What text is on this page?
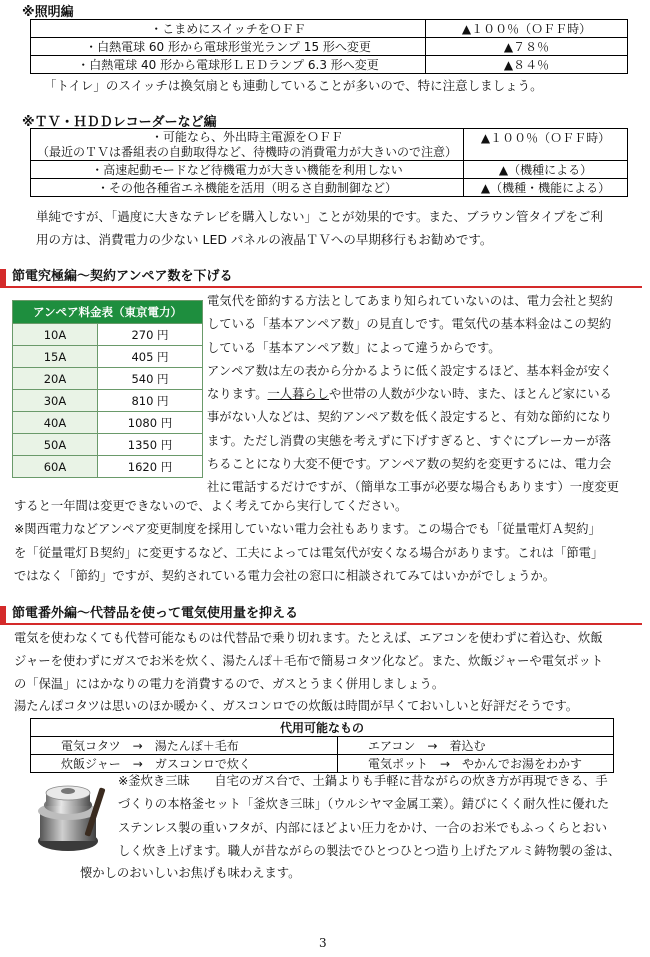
※照明編
・こまめにスイッチをＯＦＦ	▲１００％（ＯＦＦ時）
・白熱電球 60 形から電球形蛍光ランプ 15 形へ変更	▲７８％
・白熱電球 40 形から電球形ＬＥＤランプ 6.3 形へ変更	▲８４％
「トイレ」のスイッチは換気扇とも連動していることが多いので、特に注意しましょう。
※ＴＶ・ＨＤＤレコーダーなど編
・可能なら、外出時主電源をＯＦＦ
（最近のＴＶは番組表の自動取得など、待機時の消費電力が大きいので注意）	▲１００％（ＯＦＦ時）
・高速起動モードなど待機電力が大きい機能を利用しない	▲（機種による）
・その他各種省エネ機能を活用（明るさ自動制御など）	▲（機種・機能による）
単純ですが、「過度に大きなテレビを購入しない」ことが効果的です。また、ブラウン管タイプをご利
用の方は、消費電力の少ない LED パネルの液晶ＴＶへの早期移行もお勧めです。
節電究極編～契約アンペア数を下げる
アンペア料金表（東京電力）	
10A	270 円
15A	405 円
20A	540 円
30A	810 円
40A	1080 円
50A	1350 円
60A	1620 円
電気代を節約する方法としてあまり知られていないのは、電力会社と契約
している「基本アンペア数」の見直しです。電気代の基本料金はこの契約
している「基本アンペア数」によって違うからです。
アンペア数は左の表から分かるように低く設定するほど、基本料金が安く
なります。一人暮らしや世帯の人数が少ない時、また、ほとんど家にいる
事がない人などは、契約アンペア数を低く設定すると、有効な節約になり
ます。ただし消費の実態を考えずに下げすぎると、すぐにブレーカーが落
ちることになり大変不便です。アンペア数の契約を変更するには、電力会
社に電話するだけですが、（簡単な工事が必要な場合もあります）一度変更
すると一年間は変更できないので、よく考えてから実行してください。
※関西電力などアンペア変更制度を採用していない電力会社もあります。この場合でも「従量電灯Ａ契約」
を「従量電灯Ｂ契約」に変更するなど、工夫によっては電気代が安くなる場合があります。これは「節電」
ではなく「節約」ですが、契約されている電力会社の窓口に相談されてみてはいかがでしょうか。
節電番外編～代替品を使って電気使用量を抑える
電気を使わなくても代替可能なものは代替品で乗り切れます。たとえば、エアコンを使わずに着込む、炊飯
ジャーを使わずにガスでお米を炊く、湯たんぽ＋毛布で簡易コタツ化など。また、炊飯ジャーや電気ポット
の「保温」にはかなりの電力を消費するので、ガスとうまく併用しましょう。
湯たんぽコタツは思いのほか暖かく、ガスコンロでの炊飯は時間が早くておいしいと好評だそうです。
代用可能なもの	
電気コタツ　→　湯たんぽ＋毛布	エアコン　→　着込む
炊飯ジャー　→　ガスコンロで炊く	電気ポット　→　やかんでお湯をわかす
※釜炊き三昧　　自宅のガス台で、土鍋よりも手軽に昔ながらの炊き方が再現できる、手
づくりの本格釜セット「釜炊き三昧」（ウルシヤマ金属工業）。錆びにくく耐久性に優れた
ステンレス製の重いフタが、内部にほどよい圧力をかけ、一合のお米でもふっくらとおい
しく炊き上げます。職人が昔ながらの製法でひとつひとつ造り上げたアルミ鋳物製の釜は、
懐かしのおいしいお焦げも味わえます。
3
